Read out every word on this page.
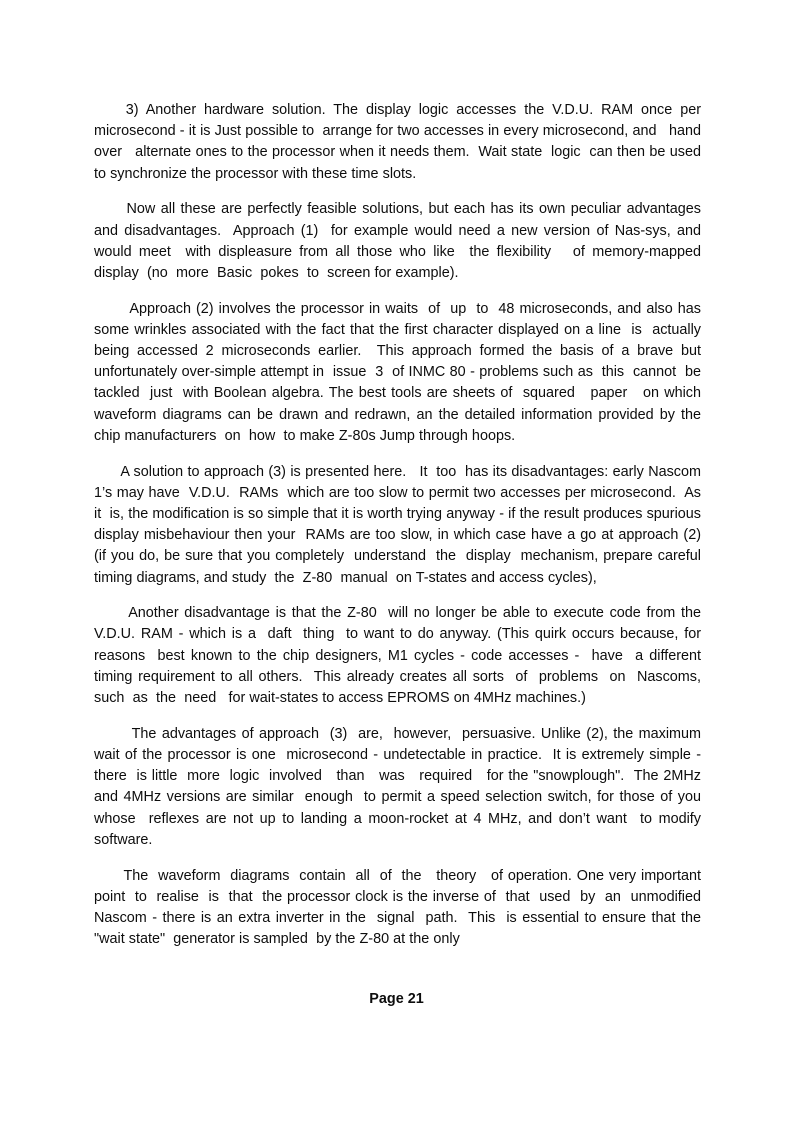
3) Another hardware solution. The display logic accesses the V.D.U. RAM once per microsecond - it is Just possible to  arrange for two accesses in every microsecond, and   hand   over   alternate ones to the processor when it needs them.  Wait state  logic  can then be used to synchronize the processor with these time slots.

Now all these are perfectly feasible solutions, but each has its own peculiar advantages and disadvantages.  Approach (1)  for example would need a new version of Nas-sys, and would meet  with displeasure from all those who like  the flexibility   of memory-mapped  display  (no  more  Basic  pokes  to  screen for example).

Approach (2) involves the processor in waits  of  up  to  48 microseconds, and also has some wrinkles associated with the fact that the first character displayed on a line  is  actually  being accessed 2 microseconds earlier.  This approach formed the basis of a brave but unfortunately over-simple attempt in  issue  3  of INMC 80 - problems such as  this  cannot  be  tackled  just  with Boolean algebra. The best tools are sheets of  squared   paper   on which waveform diagrams can be drawn and redrawn, an the detailed information provided by the chip manufacturers  on  how  to make Z-80s Jump through hoops.

A solution to approach (3) is presented here.   It  too  has its disadvantages: early Nascom 1’s may have  V.D.U.  RAMs  which are too slow to permit two accesses per microsecond.  As  it  is, the modification is so simple that it is worth trying anyway - if the result produces spurious display misbehaviour then your  RAMs are too slow, in which case have a go at approach (2) (if you do, be sure that you completely  understand  the  display  mechanism, prepare careful timing diagrams, and study  the  Z-80  manual  on T-states and access cycles),

Another disadvantage is that the Z-80  will no longer be able to execute code from the V.D.U. RAM - which is a  daft  thing  to want to do anyway. (This quirk occurs because, for  reasons  best known to the chip designers, M1 cycles - code accesses -  have  a different timing requirement to all others.  This already creates all sorts  of  problems  on  Nascoms,   such  as  the  need   for wait-states to access EPROMS on 4MHz machines.)

The advantages of approach  (3)  are,  however,  persuasive. Unlike (2), the maximum wait of the processor is one  microsecond - undetectable in practice.  It is extremely simple - there  is little  more  logic  involved   than   was   required   for the "snowplough".  The 2MHz and 4MHz versions are similar  enough  to permit a speed selection switch, for those of you whose  reflexes are not up to landing a moon-rocket at 4 MHz, and don’t want  to modify software.

The  waveform  diagrams  contain  all  of  the   theory   of operation. One very important  point  to  realise  is  that  the processor clock is the inverse of  that  used  by  an  unmodified Nascom - there is an extra inverter in the  signal  path.  This  is essential to ensure that the "wait state"  generator is sampled  by the Z-80 at the only

Page 21
